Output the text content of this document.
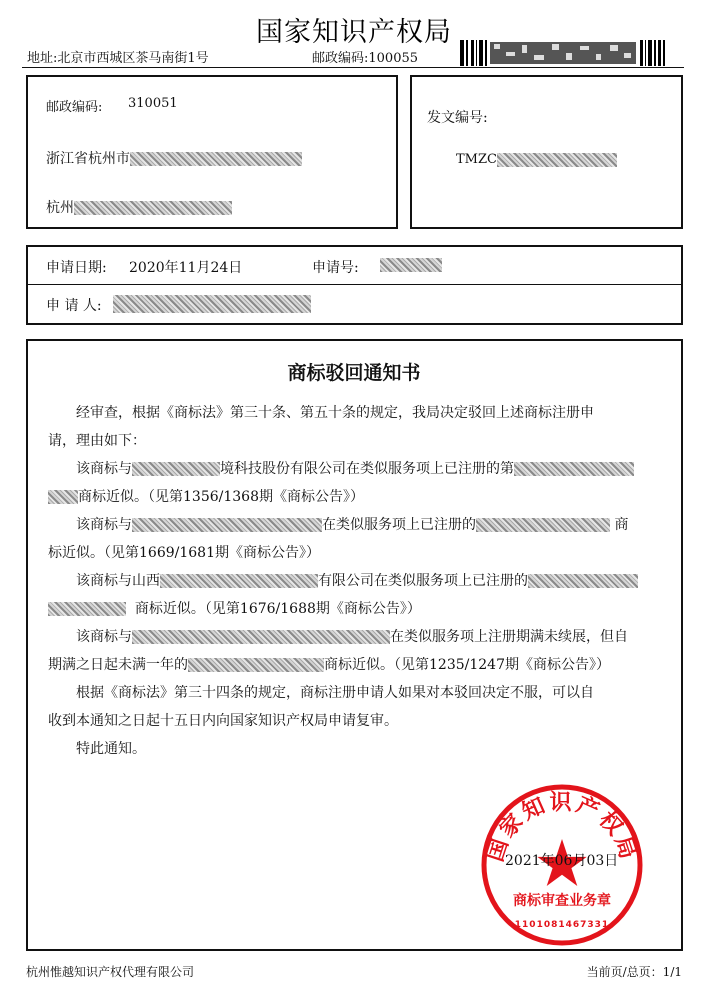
国家知识产权局
地址:北京市西城区茶马南街1号	邮政编码:100055
邮政编码: 310051
浙江省杭州市
杭州
发文编号:
TMZC
申请日期: 2020年11月24日	申请号:
申 请 人:
商标驳回通知书
经审查，根据《商标法》第三十条、第五十条的规定，我局决定驳回上述商标注册申
请，理由如下：
该商标与	境科技股份有限公司在类似服务项上已注册的第
商标近似。（见第1356/1368期《商标公告》）
该商标与	在类似服务项上已注册的	商
标近似。（见第1669/1681期《商标公告》）
该商标与山西	有限公司在类似服务项上已注册的
商标近似。（见第1676/1688期《商标公告》）
该商标与	在类似服务项上注册期满未续展，但自
期满之日起未满一年的	商标近似。（见第1235/1247期《商标公告》）
根据《商标法》第三十四条的规定，商标注册申请人如果对本驳回决定不服，可以自
收到本通知之日起十五日内向国家知识产权局申请复审。
特此通知。
国家知识产权局
商标审查业务章
1101081467331
2021年06月03日
杭州惟越知识产权代理有限公司	当前页/总页：1/1
